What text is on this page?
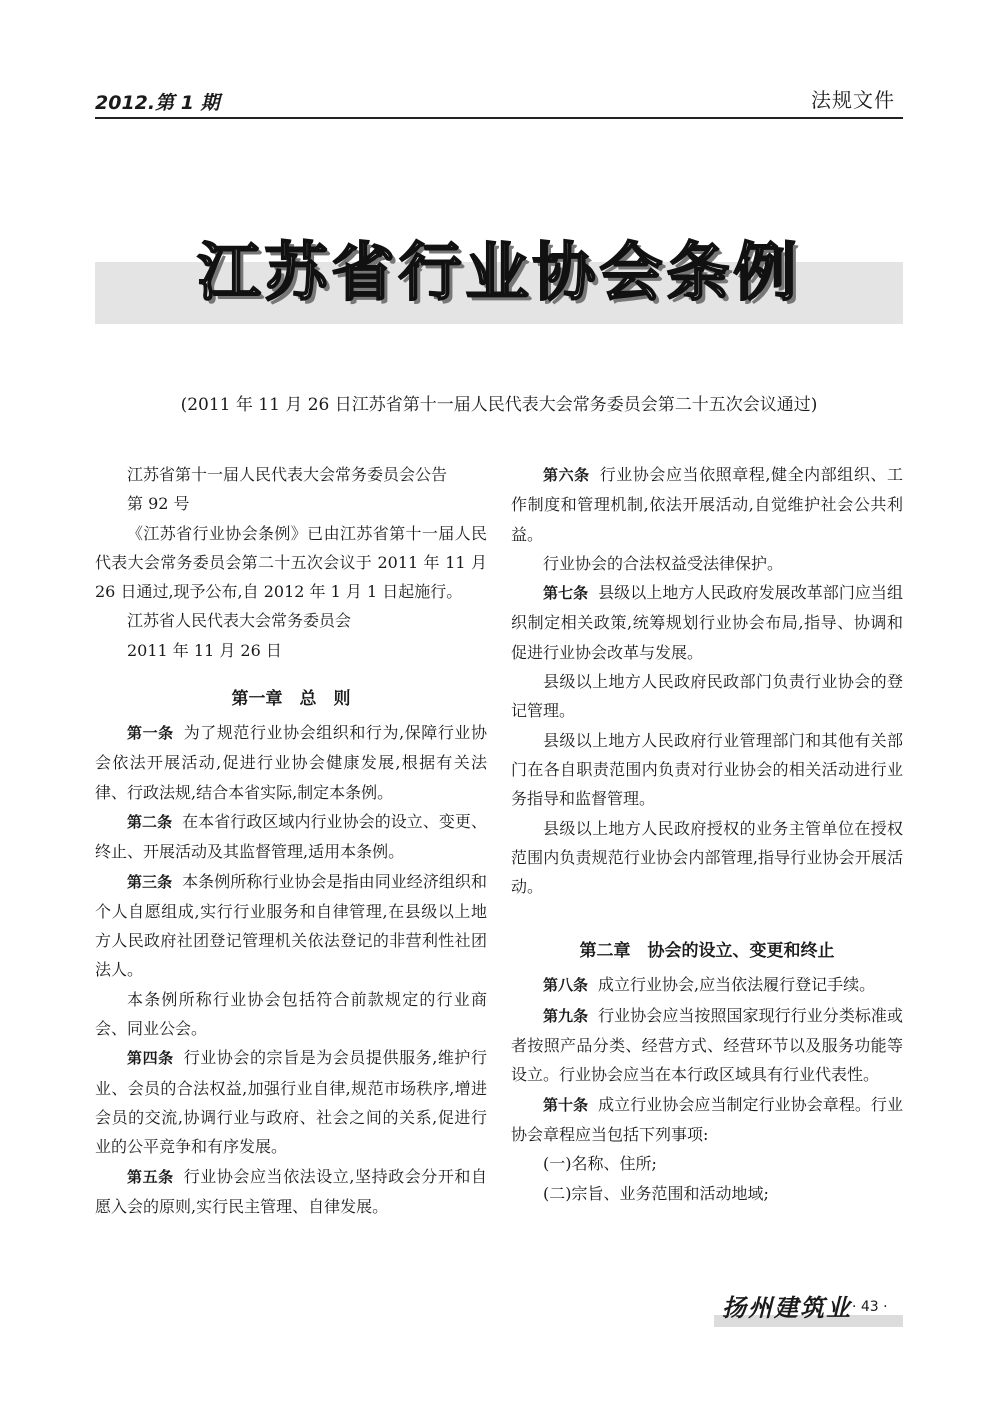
2012.第 1 期	法规文件
江苏省行业协会条例
(2011 年 11 月 26 日江苏省第十一届人民代表大会常务委员会第二十五次会议通过)

江苏省第十一届人民代表大会常务委员会公告

第 92 号

《江苏省行业协会条例》已由江苏省第十一届人民代表大会常务委员会第二十五次会议于 2011 年 11 月 26 日通过,现予公布,自 2012 年 1 月 1 日起施行。

江苏省人民代表大会常务委员会

2011 年 11 月 26 日

第一章　总　则

第一条 为了规范行业协会组织和行为,保障行业协会依法开展活动,促进行业协会健康发展,根据有关法律、行政法规,结合本省实际,制定本条例。

第二条 在本省行政区域内行业协会的设立、变更、终止、开展活动及其监督管理,适用本条例。

第三条 本条例所称行业协会是指由同业经济组织和个人自愿组成,实行行业服务和自律管理,在县级以上地方人民政府社团登记管理机关依法登记的非营利性社团法人。

本条例所称行业协会包括符合前款规定的行业商会、同业公会。

第四条 行业协会的宗旨是为会员提供服务,维护行业、会员的合法权益,加强行业自律,规范市场秩序,增进会员的交流,协调行业与政府、社会之间的关系,促进行业的公平竞争和有序发展。

第五条 行业协会应当依法设立,坚持政会分开和自愿入会的原则,实行民主管理、自律发展。

第六条 行业协会应当依照章程,健全内部组织、工作制度和管理机制,依法开展活动,自觉维护社会公共利益。

行业协会的合法权益受法律保护。

第七条 县级以上地方人民政府发展改革部门应当组织制定相关政策,统筹规划行业协会布局,指导、协调和促进行业协会改革与发展。

县级以上地方人民政府民政部门负责行业协会的登记管理。

县级以上地方人民政府行业管理部门和其他有关部门在各自职责范围内负责对行业协会的相关活动进行业务指导和监督管理。

县级以上地方人民政府授权的业务主管单位在授权范围内负责规范行业协会内部管理,指导行业协会开展活动。

第二章　协会的设立、变更和终止

第八条 成立行业协会,应当依法履行登记手续。

第九条 行业协会应当按照国家现行行业分类标准或者按照产品分类、经营方式、经营环节以及服务功能等设立。行业协会应当在本行政区域具有行业代表性。

第十条 成立行业协会应当制定行业协会章程。行业协会章程应当包括下列事项:

(一)名称、住所;

(二)宗旨、业务范围和活动地域;

扬州建筑业 · 43 ·
